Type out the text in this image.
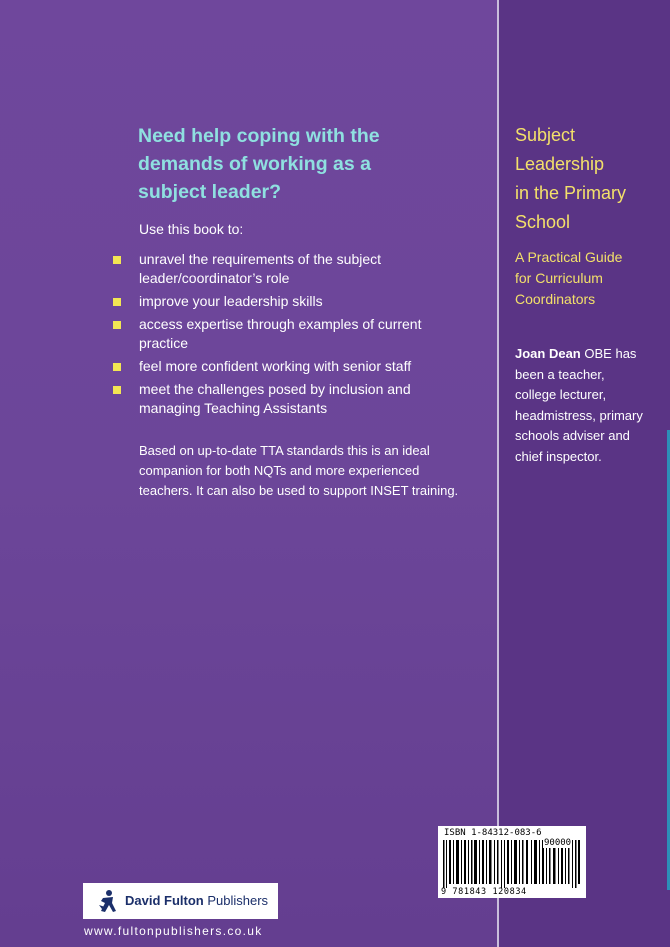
Need help coping with the
demands of working as a
subject leader?

Use this book to:

unravel the requirements of the subject
leader/coordinator’s role
improve your leadership skills
access expertise through examples of current
practice
feel more confident working with senior staff
meet the challenges posed by inclusion and
managing Teaching Assistants

Based on up-to-date TTA standards this is an ideal
companion for both NQTs and more experienced
teachers. It can also be used to support INSET training.

Subject
Leadership
in the Primary
School

A Practical Guide
for Curriculum
Coordinators

Joan Dean OBE has
been a teacher,
college lecturer,
headmistress, primary
schools adviser and
chief inspector.

David Fulton Publishers

www.fultonpublishers.co.uk

ISBN 1-84312-083-6
90000
9 781843 120834
